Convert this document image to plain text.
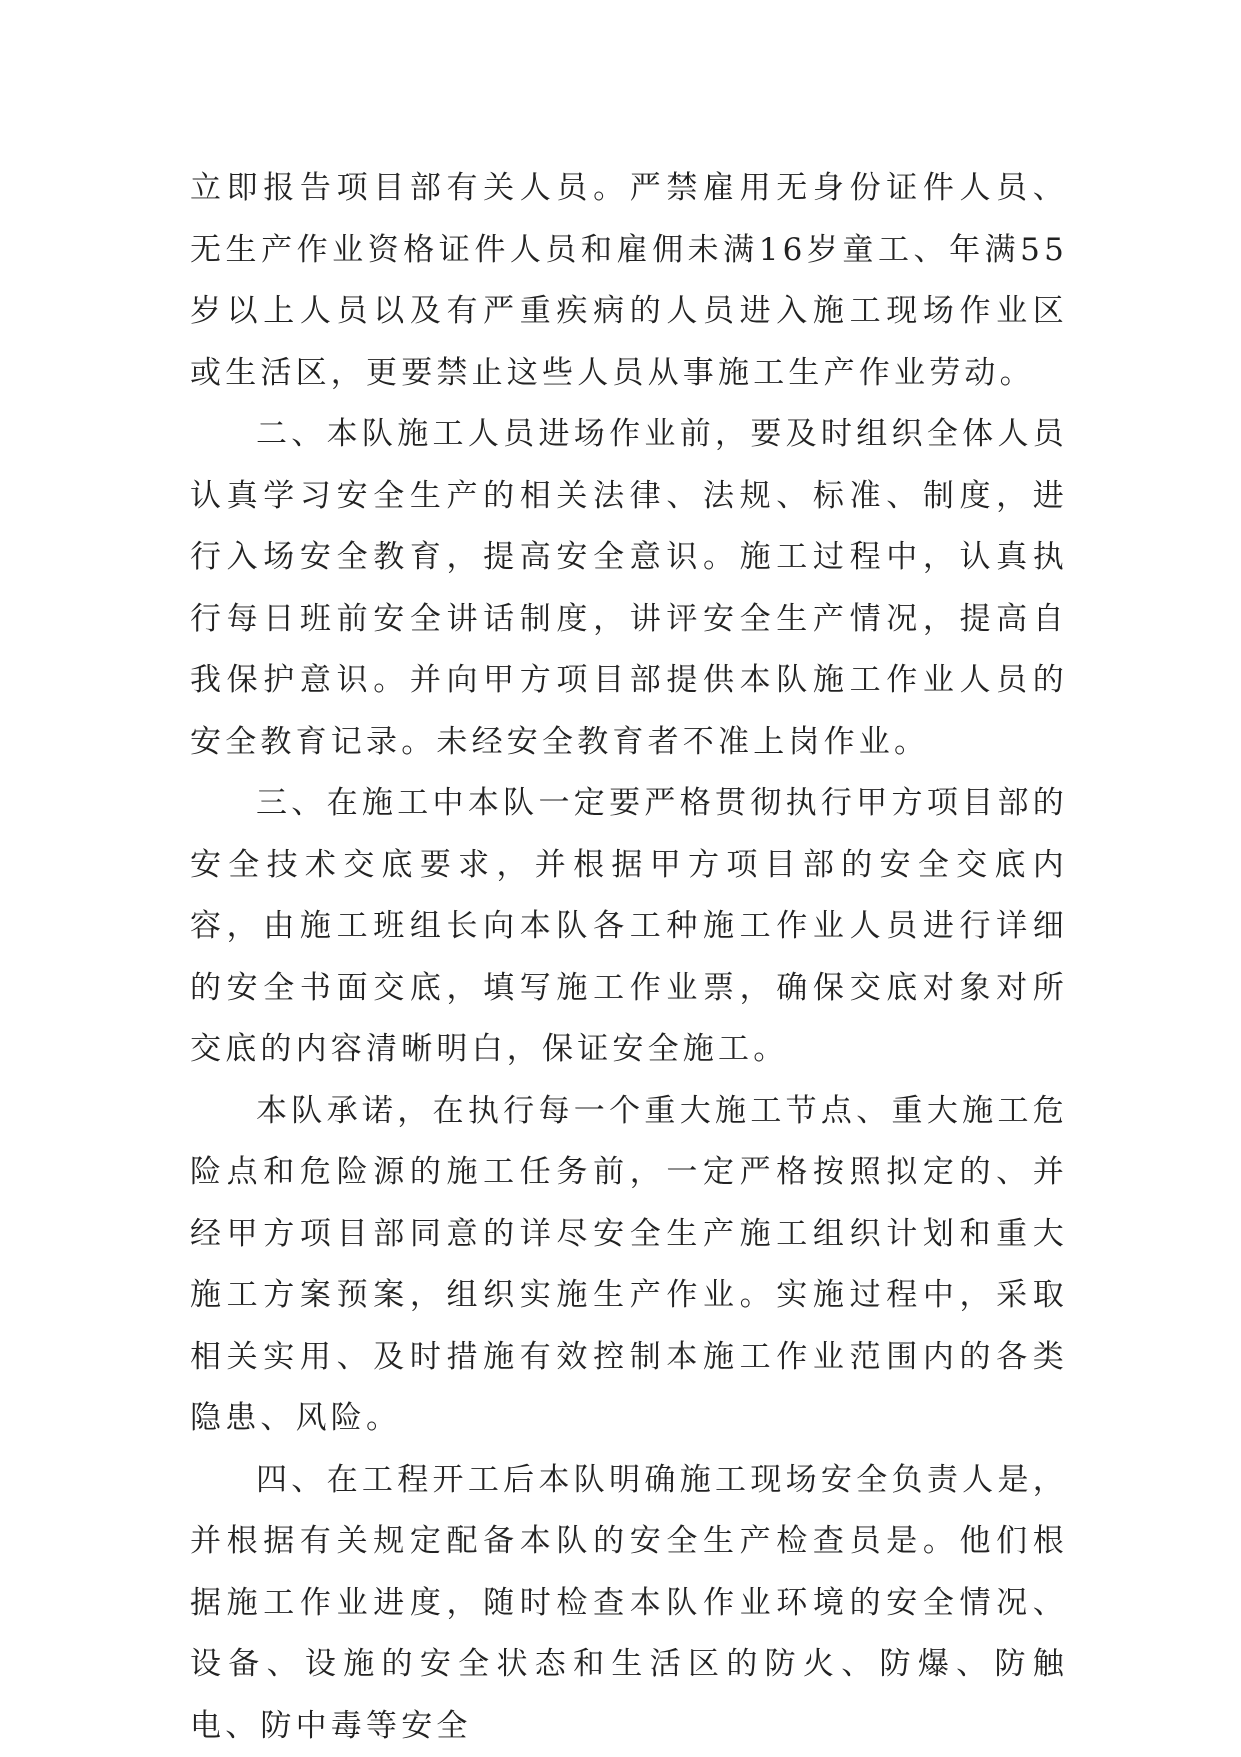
立即报告项目部有关人员。严禁雇用无身份证件人员、无生产作业资格证件人员和雇佣未满16岁童工、年满55岁以上人员以及有严重疾病的人员进入施工现场作业区或生活区，更要禁止这些人员从事施工生产作业劳动。

二、本队施工人员进场作业前，要及时组织全体人员认真学习安全生产的相关法律、法规、标准、制度，进行入场安全教育，提高安全意识。施工过程中，认真执行每日班前安全讲话制度，讲评安全生产情况，提高自我保护意识。并向甲方项目部提供本队施工作业人员的安全教育记录。未经安全教育者不准上岗作业。

三、在施工中本队一定要严格贯彻执行甲方项目部的安全技术交底要求，并根据甲方项目部的安全交底内容，由施工班组长向本队各工种施工作业人员进行详细的安全书面交底，填写施工作业票，确保交底对象对所交底的内容清晰明白，保证安全施工。

本队承诺，在执行每一个重大施工节点、重大施工危险点和危险源的施工任务前，一定严格按照拟定的、并经甲方项目部同意的详尽安全生产施工组织计划和重大施工方案预案，组织实施生产作业。实施过程中，采取相关实用、及时措施有效控制本施工作业范围内的各类隐患、风险。

四、在工程开工后本队明确施工现场安全负责人是，并根据有关规定配备本队的安全生产检查员是。他们根据施工作业进度，随时检查本队作业环境的安全情况、设备、设施的安全状态和生活区的防火、防爆、防触电、防中毒等安全
